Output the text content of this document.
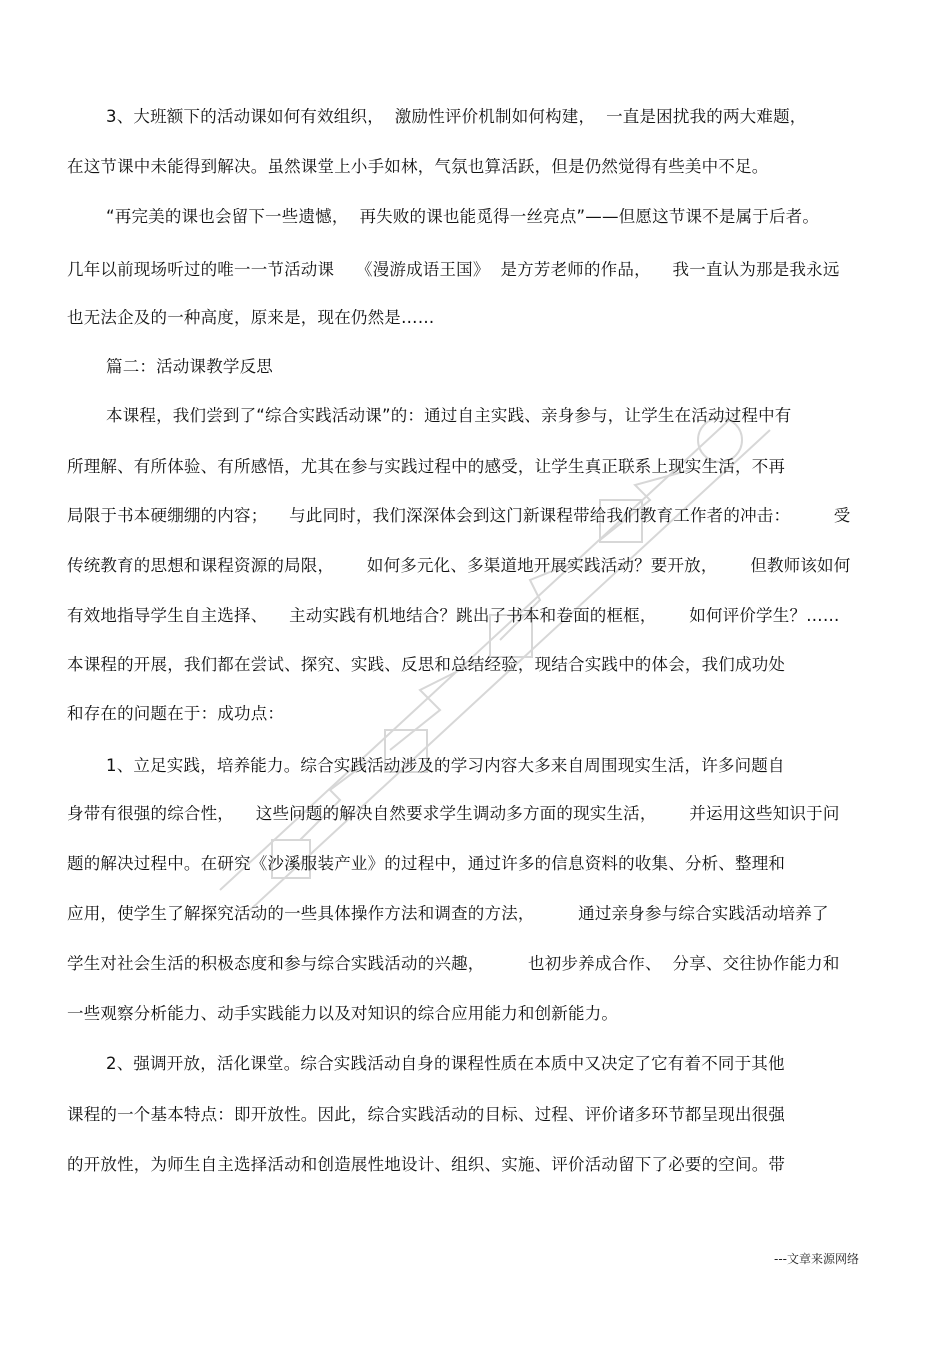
3、大班额下的活动课如何有效组织，  激励性评价机制如何构建，  一直是困扰我的两大难题，
在这节课中未能得到解决。虽然课堂上小手如林，气氛也算活跃，但是仍然觉得有些美中不足。
“再完美的课也会留下一些遗憾，  再失败的课也能觅得一丝亮点”——但愿这节课不是属于后者。
几年以前现场听过的唯一一节活动课    《漫游成语王国》  是方芳老师的作品，    我一直认为那是我永远
也无法企及的一种高度，原来是，现在仍然是……
篇二：活动课教学反思
本课程，我们尝到了“综合实践活动课”的：通过自主实践、亲身参与，让学生在活动过程中有
所理解、有所体验、有所感悟，尤其在参与实践过程中的感受，让学生真正联系上现实生活，不再
局限于书本硬绷绷的内容；    与此同时，我们深深体会到这门新课程带给我们教育工作者的冲击：        受
传统教育的思想和课程资源的局限，      如何多元化、多渠道地开展实践活动？要开放，      但教师该如何
有效地指导学生自主选择、    主动实践有机地结合？跳出了书本和卷面的框框，      如何评价学生？……
本课程的开展，我们都在尝试、探究、实践、反思和总结经验，现结合实践中的体会，我们成功处
和存在的问题在于：成功点：
1、立足实践，培养能力。综合实践活动涉及的学习内容大多来自周围现实生活，许多问题自
身带有很强的综合性，    这些问题的解决自然要求学生调动多方面的现实生活，      并运用这些知识于问
题的解决过程中。在研究《沙溪服装产业》的过程中，通过许多的信息资料的收集、分析、整理和
应用，使学生了解探究活动的一些具体操作方法和调查的方法，        通过亲身参与综合实践活动培养了
学生对社会生活的积极态度和参与综合实践活动的兴趣，        也初步养成合作、  分享、交往协作能力和
一些观察分析能力、动手实践能力以及对知识的综合应用能力和创新能力。
2、强调开放，活化课堂。综合实践活动自身的课程性质在本质中又决定了它有着不同于其他
课程的一个基本特点：即开放性。因此，综合实践活动的目标、过程、评价诸多环节都呈现出很强
的开放性，为师生自主选择活动和创造展性地设计、组织、实施、评价活动留下了必要的空间。带
---文章来源网络
